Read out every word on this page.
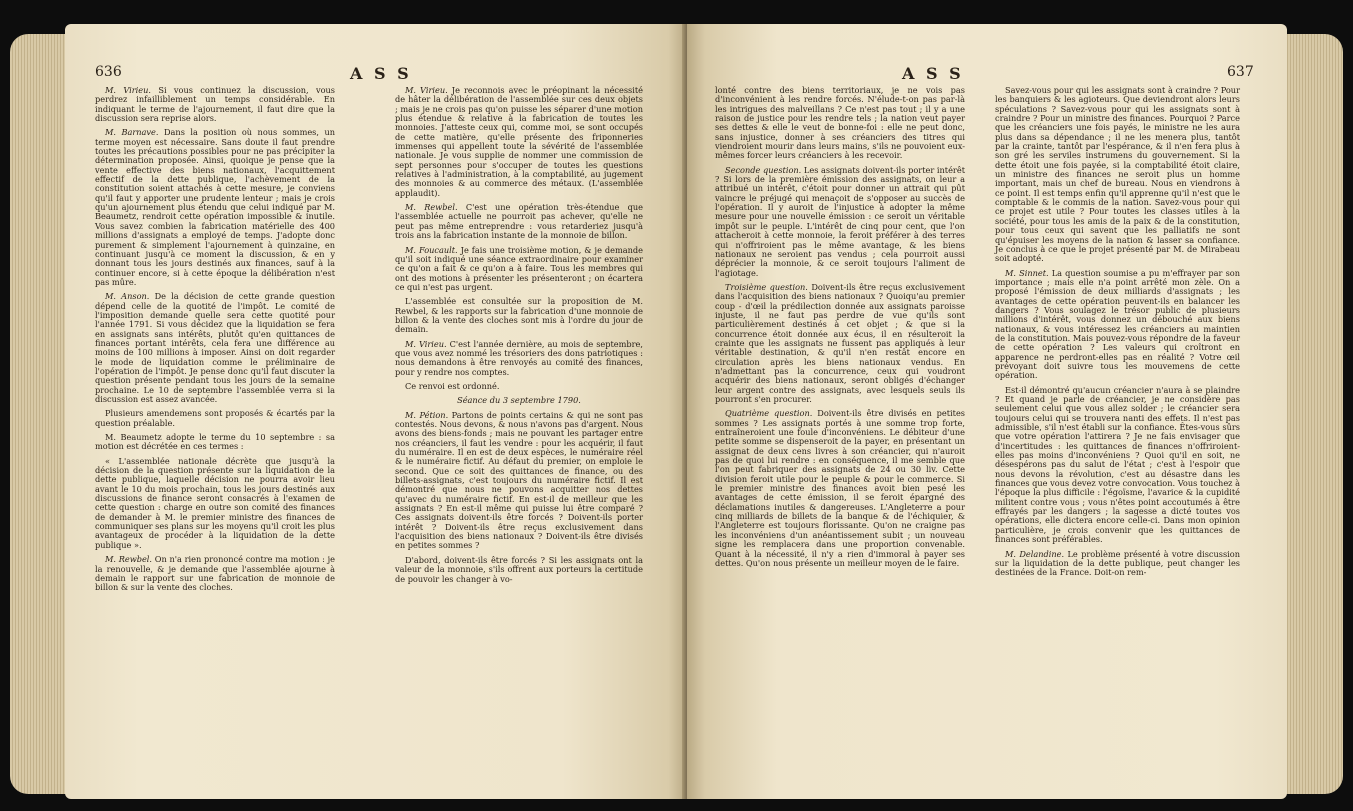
636	A S S

M. Virieu. Si vous continuez la discussion, vous perdrez infailliblement un temps considérable. En indiquant le terme de l'ajournement, il faut dire que la discussion sera reprise alors.

M. Barnave. Dans la position où nous sommes, un terme moyen est nécessaire. Sans doute il faut prendre toutes les précautions possibles pour ne pas précipiter la détermination proposée. Ainsi, quoique je pense que la vente effective des biens nationaux, l'acquittement effectif de la dette publique, l'achèvement de la constitution soient attachés à cette mesure, je conviens qu'il faut y apporter une prudente lenteur ; mais je crois qu'un ajournement plus étendu que celui indiqué par M. Beaumetz, rendroit cette opération impossible & inutile. Vous savez combien la fabrication matérielle des 400 millions d'assignats a employé de temps. J'adopte donc purement & simplement l'ajournement à quinzaine, en continuant jusqu'à ce moment la discussion, & en y donnant tous les jours destinés aux finances, sauf à la continuer encore, si à cette époque la délibération n'est pas mûre.

M. Anson. De la décision de cette grande question dépend celle de la quotité de l'impôt. Le comité de l'imposition demande quelle sera cette quotité pour l'année 1791. Si vous décidez que la liquidation se fera en assignats sans intérêts, plutôt qu'en quittances de finances portant intérêts, cela fera une différence au moins de 100 millions à imposer. Ainsi on doit regarder le mode de liquidation comme le préliminaire de l'opération de l'impôt. Je pense donc qu'il faut discuter la question présente pendant tous les jours de la semaine prochaine. Le 10 de septembre l'assemblée verra si la discussion est assez avancée.

Plusieurs amendemens sont proposés & écartés par la question préalable.

M. Beaumetz adopte le terme du 10 septembre : sa motion est décrétée en ces termes :

« L'assemblée nationale décrète que jusqu'à la décision de la question présente sur la liquidation de la dette publique, laquelle décision ne pourra avoir lieu avant le 10 du mois prochain, tous les jours destinés aux discussions de finance seront consacrés à l'examen de cette question : charge en outre son comité des finances de demander à M. le premier ministre des finances de communiquer ses plans sur les moyens qu'il croit les plus avantageux de procéder à la liquidation de la dette publique ».

M. Rewbel. On n'a rien prononcé contre ma motion : je la renouvelle, & je demande que l'assemblée ajourne à demain le rapport sur une fabrication de monnoie de billon & sur la vente des cloches.

M. Virieu. Je reconnois avec le préopinant la nécessité de hâter la délibération de l'assemblée sur ces deux objets ; mais je ne crois pas qu'on puisse les séparer d'une motion plus étendue & relative à la fabrication de toutes les monnoies. J'atteste ceux qui, comme moi, se sont occupés de cette matière, qu'elle présente des friponneries immenses qui appellent toute la sévérité de l'assemblée nationale. Je vous supplie de nommer une commission de sept personnes pour s'occuper de toutes les questions relatives à l'administration, à la comptabilité, au jugement des monnoies & au commerce des métaux. (L'assemblée applaudit).

M. Rewbel. C'est une opération très-étendue que l'assemblée actuelle ne pourroit pas achever, qu'elle ne peut pas même entreprendre : vous retarderiez jusqu'à trois ans la fabrication instante de la monnoie de billon.

M. Foucault. Je fais une troisième motion, & je demande qu'il soit indiqué une séance extraordinaire pour examiner ce qu'on a fait & ce qu'on a à faire. Tous les membres qui ont des motions à présenter les présenteront ; on écartera ce qui n'est pas urgent.

L'assemblée est consultée sur la proposition de M. Rewbel, & les rapports sur la fabrication d'une monnoie de billon & la vente des cloches sont mis à l'ordre du jour de demain.

M. Virieu. C'est l'année dernière, au mois de septembre, que vous avez nommé les trésoriers des dons patriotiques : nous demandons à être renvoyés au comité des finances, pour y rendre nos comptes.

Ce renvoi est ordonné.

Séance du 3 septembre 1790.

M. Pétion. Partons de points certains & qui ne sont pas contestés. Nous devons, & nous n'avons pas d'argent. Nous avons des biens-fonds ; mais ne pouvant les partager entre nos créanciers, il faut les vendre : pour les acquérir, il faut du numéraire. Il en est de deux espèces, le numéraire réel & le numéraire fictif. Au défaut du premier, on emploie le second. Que ce soit des quittances de finance, ou des billets-assignats, c'est toujours du numéraire fictif. Il est démontré que nous ne pouvons acquitter nos dettes qu'avec du numéraire fictif. En est-il de meilleur que les assignats ? En est-il même qui puisse lui être comparé ? Ces assignats doivent-ils être forcés ? Doivent-ils porter intérêt ? Doivent-ils être reçus exclusivement dans l'acquisition des biens nationaux ? Doivent-ils être divisés en petites sommes ?

D'abord, doivent-ils être forcés ? Si les assignats ont la valeur de la monnoie, s'ils offrent aux porteurs la certitude de pouvoir les changer à vo-

A S S	637

lonté contre des biens territoriaux, je ne vois pas d'inconvénient à les rendre forcés. N'élude-t-on pas par-là les intrigues des malveillans ? Ce n'est pas tout ; il y a une raison de justice pour les rendre tels ; la nation veut payer ses dettes & elle le veut de bonne-foi : elle ne peut donc, sans injustice, donner à ses créanciers des titres qui viendroient mourir dans leurs mains, s'ils ne pouvoient eux-mêmes forcer leurs créanciers à les recevoir.

Seconde question. Les assignats doivent-ils porter intérêt ? Si lors de la première émission des assignats, on leur a attribué un intérêt, c'étoit pour donner un attrait qui pût vaincre le préjugé qui menaçoit de s'opposer au succès de l'opération. Il y auroit de l'injustice à adopter la même mesure pour une nouvelle émission : ce seroit un véritable impôt sur le peuple. L'intérêt de cinq pour cent, que l'on attacheroit à cette monnoie, la feroit préférer à des terres qui n'offriroient pas le même avantage, & les biens nationaux ne seroient pas vendus ; cela pourroit aussi déprécier la monnoie, & ce seroit toujours l'aliment de l'agiotage.

Troisième question. Doivent-ils être reçus exclusivement dans l'acquisition des biens nationaux ? Quoiqu'au premier coup - d'œil la prédilection donnée aux assignats paroisse injuste, il ne faut pas perdre de vue qu'ils sont particulièrement destinés à cet objet ; & que si la concurrence étoit donnée aux écus, il en résulteroit la crainte que les assignats ne fussent pas appliqués à leur véritable destination, & qu'il n'en restât encore en circulation après les biens nationaux vendus. En n'admettant pas la concurrence, ceux qui voudront acquérir des biens nationaux, seront obligés d'échanger leur argent contre des assignats, avec lesquels seuls ils pourront s'en procurer.

Quatrième question. Doivent-ils être divisés en petites sommes ? Les assignats portés à une somme trop forte, entraîneroient une foule d'inconvéniens. Le débiteur d'une petite somme se dispenseroit de la payer, en présentant un assignat de deux cens livres à son créancier, qui n'auroit pas de quoi lui rendre : en conséquence, il me semble que l'on peut fabriquer des assignats de 24 ou 30 liv. Cette division feroit utile pour le peuple & pour le commerce. Si le premier ministre des finances avoit bien pesé les avantages de cette émission, il se feroit épargné des déclamations inutiles & dangereuses. L'Angleterre a pour cinq milliards de billets de la banque & de l'échiquier, & l'Angleterre est toujours florissante. Qu'on ne craigne pas les inconvéniens d'un anéantissement subit ; un nouveau signe les remplacera dans une proportion convenable. Quant à la nécessité, il n'y a rien d'immoral à payer ses dettes. Qu'on nous présente un meilleur moyen de le faire.

Savez-vous pour qui les assignats sont à craindre ? Pour les banquiers & les agioteurs. Que deviendront alors leurs spéculations ? Savez-vous pour qui les assignats sont à craindre ? Pour un ministre des finances. Pourquoi ? Parce que les créanciers une fois payés, le ministre ne les aura plus dans sa dépendance ; il ne les menera plus, tantôt par la crainte, tantôt par l'espérance, & il n'en fera plus à son gré les serviles instrumens du gouvernement. Si la dette étoit une fois payée, si la comptabilité étoit claire, un ministre des finances ne seroit plus un homme important, mais un chef de bureau. Nous en viendrons à ce point. Il est temps enfin qu'il apprenne qu'il n'est que le comptable & le commis de la nation. Savez-vous pour qui ce projet est utile ? Pour toutes les classes utiles à la société, pour tous les amis de la paix & de la constitution, pour tous ceux qui savent que les palliatifs ne sont qu'épuiser les moyens de la nation & lasser sa confiance. Je conclus à ce que le projet présenté par M. de Mirabeau soit adopté.

M. Sinnet. La question soumise a pu m'effrayer par son importance ; mais elle n'a point arrêté mon zèle. On a proposé l'émission de deux milliards d'assignats ; les avantages de cette opération peuvent-ils en balancer les dangers ? Vous soulagez le trésor public de plusieurs millions d'intérêt, vous donnez un débouché aux biens nationaux, & vous intéressez les créanciers au maintien de la constitution. Mais pouvez-vous répondre de la faveur de cette opération ? Les valeurs qui croîtront en apparence ne perdront-elles pas en réalité ? Votre œil prévoyant doit suivre tous les mouvemens de cette opération.

Est-il démontré qu'aucun créancier n'aura à se plaindre ? Et quand je parle de créancier, je ne considère pas seulement celui que vous allez solder ; le créancier sera toujours celui qui se trouvera nanti des effets. Il n'est pas admissible, s'il n'est établi sur la confiance. Êtes-vous sûrs que votre opération l'attirera ? Je ne fais envisager que d'incertitudes : les quittances de finances n'offriroient-elles pas moins d'inconvéniens ? Quoi qu'il en soit, ne désespérons pas du salut de l'état ; c'est à l'espoir que nous devons la révolution, c'est au désastre dans les finances que vous devez votre convocation. Vous touchez à l'époque la plus difficile : l'égoïsme, l'avarice & la cupidité militent contre vous ; vous n'êtes point accoutumés à être effrayés par les dangers ; la sagesse a dicté toutes vos opérations, elle dictera encore celle-ci. Dans mon opinion particulière, je crois convenir que les quittances de finances sont préférables.

M. Delandine. Le problème présenté à votre discussion sur la liquidation de la dette publique, peut changer les destinées de la France. Doit-on rem-
